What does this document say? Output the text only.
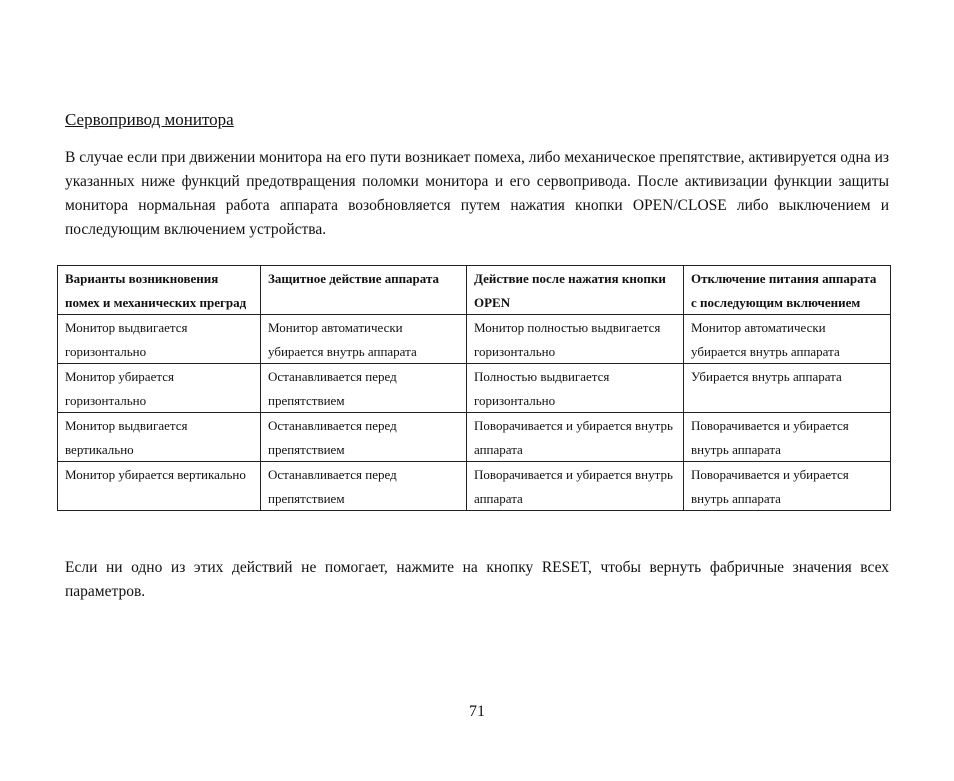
Сервопривод монитора

В случае если при движении монитора на его пути возникает помеха, либо механическое препятствие, активируется одна из указанных ниже функций предотвращения поломки монитора и его сервопривода. После активизации функции защиты монитора нормальная работа аппарата возобновляется путем нажатия кнопки OPEN/CLOSE либо выключением и последующим включением устройства.

Варианты возникновения помех и механических преград	Защитное действие аппарата	Действие после нажатия кнопки OPEN	Отключение питания аппарата с последующим включением
Монитор выдвигается горизонтально	Монитор автоматически убирается внутрь аппарата	Монитор полностью выдвигается горизонтально	Монитор автоматически убирается внутрь аппарата
Монитор убирается горизонтально	Останавливается перед препятствием	Полностью выдвигается горизонтально	Убирается внутрь аппарата
Монитор выдвигается вертикально	Останавливается перед препятствием	Поворачивается и убирается внутрь аппарата	Поворачивается и убирается внутрь аппарата
Монитор убирается вертикально	Останавливается перед препятствием	Поворачивается и убирается внутрь аппарата	Поворачивается и убирается внутрь аппарата

Если ни одно из этих действий не помогает, нажмите на кнопку RESET, чтобы вернуть фабричные значения всех параметров.

71
